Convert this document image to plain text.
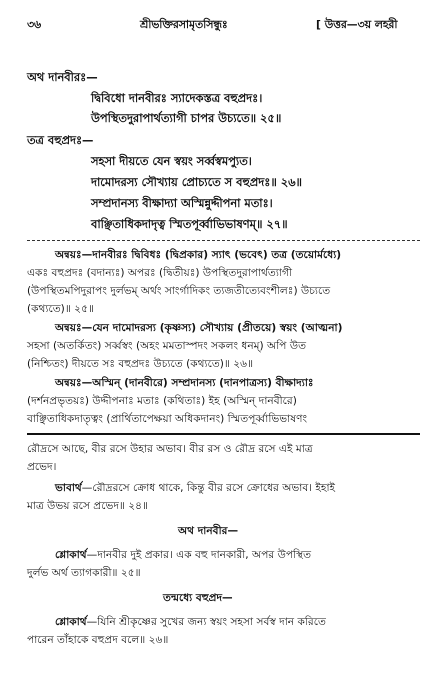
৩৬	শ্রীভক্তিরসামৃতসিন্ধুঃ	[ উত্তর—৩য় লহরী
অথ দানবীরঃ—
দ্বিবিধো দানবীরঃ স্যাদেকস্তত্র বহুপ্রদঃ।
উপস্থিতদুরাপার্থত্যাগী চাপর উচ্যতে॥ ২৫॥
তত্র বহুপ্রদঃ—
সহসা দীয়তে যেন স্বয়ং সর্ব্বস্বমপ্যুত।
দামোদরস্য সৌখ্যায় প্রোচ্যতে স বহুপ্রদঃ॥ ২৬॥
সম্প্রদানস্য বীক্ষাদ্যা অস্মিন্নুদ্দীপনা মতাঃ।
বাঞ্ছিতাধিকদাদৃত্ব স্মিতপূর্ব্বাভিভাষণম্॥ ২৭॥
অন্বয়ঃ—দানবীরঃ দ্বিবিধঃ (দ্বিপ্রকার) স্যাৎ (ভবেৎ) তত্র (তয়োর্মধ্যে)
একঃ বহুপ্রদঃ (বদান্যঃ) অপরঃ (দ্বিতীয়ঃ) উপস্থিতদুরাপার্থত্যাগী
(উপস্থিতমপিদুরাপং দুর্লভম্ অর্থং সাংর্গাদিকং ত্যজতীত্যেবংশীলঃ) উচ্যতে
(কথ্যতে)॥ ২৫॥
অন্বয়ঃ—যেন দামোদরস্য (কৃষ্ণস্য) সৌখ্যায় (প্রীতয়ে) স্বয়ং (আত্মনা)
সহসা (অতর্কিতং) সর্ব্বস্বং (অহং মমতাস্পদং সকলং ধনম্) অপি উত
(নিশ্চিতং) দীয়তে সঃ বহুপ্রদঃ উচ্যতে (কথ্যতে)॥ ২৬॥
অন্বয়ঃ—অস্মিন্ (দানবীরে) সম্প্রদানস্য (দানপাত্রস্য) বীক্ষাদ্যাঃ
(দর্শনপ্রভৃতয়ঃ) উদ্দীপনাঃ মতাঃ (কথিতাঃ) ইহ (অস্মিন্ দানবীরে)
বাঞ্ছিতাধিকদাতৃত্বং (প্রার্থিতাপেক্ষয়া অধিকদানং) স্মিতপূর্ব্বাভিভাষণং
রৌদ্রসে আছে, বীর রসে উহার অভাব। বীর রস ও রৌদ্র রসে এই মাত্র
প্রভেদ।
ভাবার্থ—রৌদ্ররসে ক্রোধ থাকে, কিন্তু বীর রসে ক্রোধের অভাব। ইহাই
মাত্র উভয় রসে প্রভেদ॥ ২৪॥
অথ দানবীর—
শ্লোকার্থ—দানবীর দুই প্রকার। এক বহু দানকারী, অপর উপস্থিত
দুর্লভ অর্থ ত্যাগকারী॥ ২৫॥
তন্মধ্যে বহুপ্রদ—
শ্লোকার্থ—যিনি শ্রীকৃষ্ণের সুখের জন্য স্বয়ং সহসা সর্বস্ব দান করিতে
পারেন তাঁহাকে বহুপ্রদ বলে॥ ২৬॥
